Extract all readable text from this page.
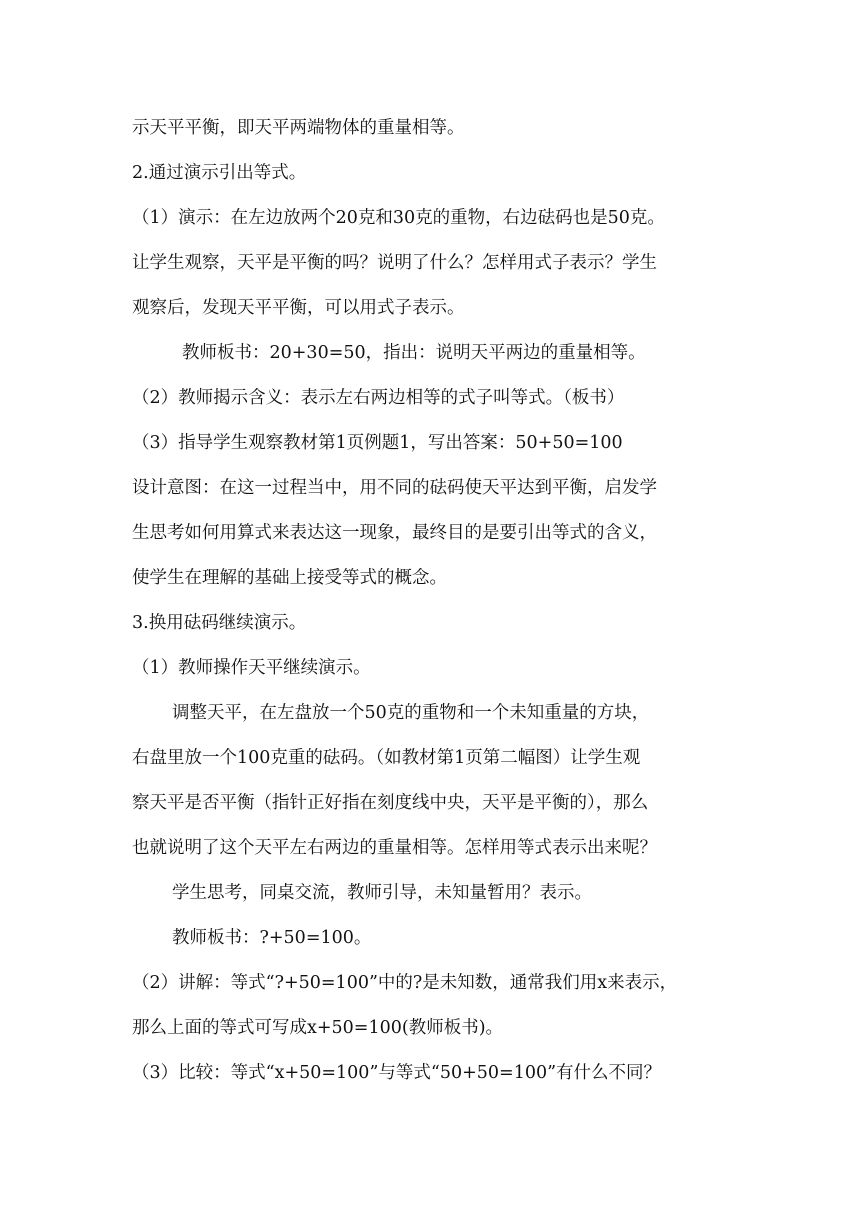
示天平平衡，即天平两端物体的重量相等。
2.通过演示引出等式。
（1）演示：在左边放两个20克和30克的重物，右边砝码也是50克。
让学生观察，天平是平衡的吗？说明了什么？怎样用式子表示？学生
观察后，发现天平平衡，可以用式子表示。
教师板书：20+30=50，指出：说明天平两边的重量相等。
（2）教师揭示含义：表示左右两边相等的式子叫等式。（板书）
（3）指导学生观察教材第1页例题1，写出答案：50+50=100
设计意图：在这一过程当中，用不同的砝码使天平达到平衡，启发学
生思考如何用算式来表达这一现象，最终目的是要引出等式的含义，
使学生在理解的基础上接受等式的概念。
3.换用砝码继续演示。
（1）教师操作天平继续演示。
调整天平，在左盘放一个50克的重物和一个未知重量的方块，
右盘里放一个100克重的砝码。（如教材第1页第二幅图）让学生观
察天平是否平衡（指针正好指在刻度线中央，天平是平衡的），那么
也就说明了这个天平左右两边的重量相等。怎样用等式表示出来呢？
学生思考，同桌交流，教师引导，未知量暂用？表示。
教师板书：?+50=100。
（2）讲解：等式“?+50=100”中的?是未知数，通常我们用x来表示，
那么上面的等式可写成x+50=100(教师板书)。
（3）比较：等式“x+50=100”与等式“50+50=100”有什么不同？
